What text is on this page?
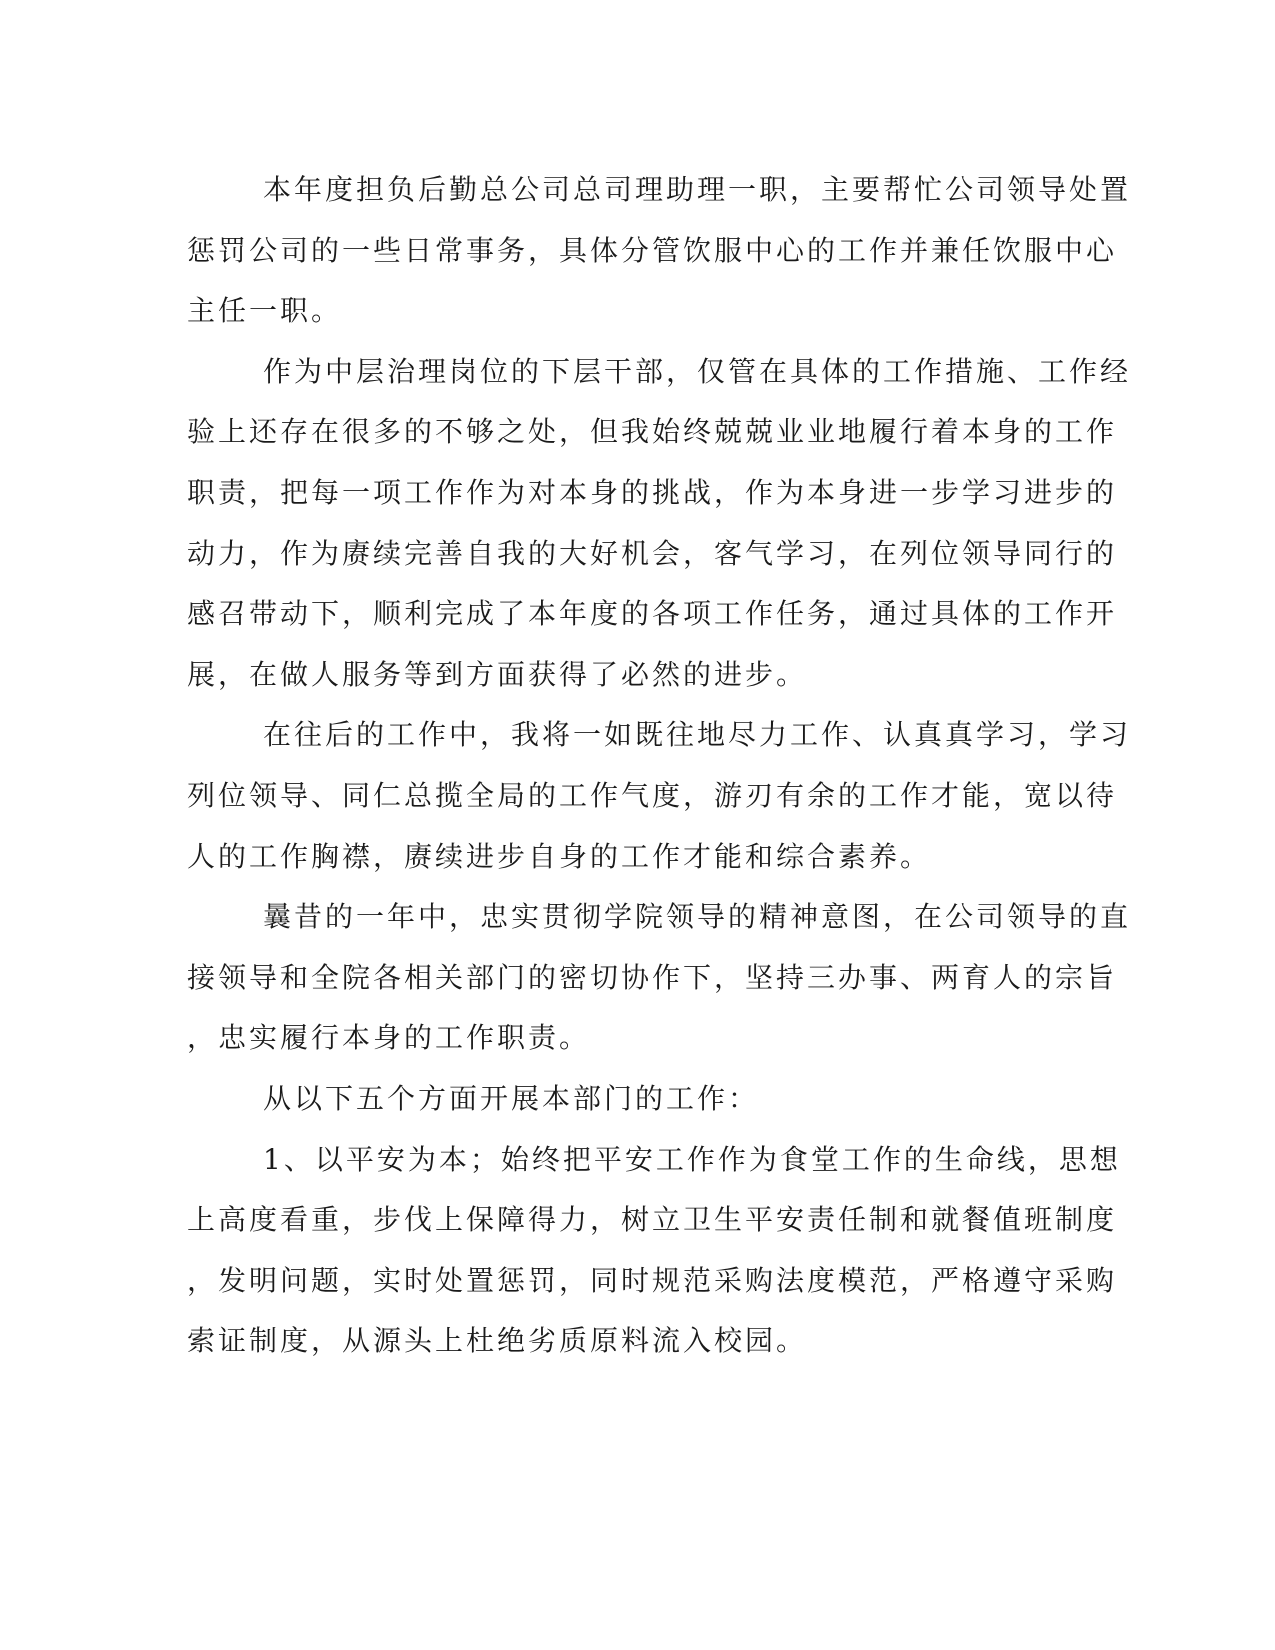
本年度担负后勤总公司总司理助理一职，主要帮忙公司领导处置
惩罚公司的一些日常事务，具体分管饮服中心的工作并兼任饮服中心
主任一职。
作为中层治理岗位的下层干部，仅管在具体的工作措施、工作经
验上还存在很多的不够之处，但我始终兢兢业业地履行着本身的工作
职责，把每一项工作作为对本身的挑战，作为本身进一步学习进步的
动力，作为赓续完善自我的大好机会，客气学习，在列位领导同行的
感召带动下，顺利完成了本年度的各项工作任务，通过具体的工作开
展，在做人服务等到方面获得了必然的进步。
在往后的工作中，我将一如既往地尽力工作、认真真学习，学习
列位领导、同仁总揽全局的工作气度，游刃有余的工作才能，宽以待
人的工作胸襟，赓续进步自身的工作才能和综合素养。
曩昔的一年中，忠实贯彻学院领导的精神意图，在公司领导的直
接领导和全院各相关部门的密切协作下，坚持三办事、两育人的宗旨
，忠实履行本身的工作职责。
从以下五个方面开展本部门的工作：
1、以平安为本；始终把平安工作作为食堂工作的生命线，思想
上高度看重，步伐上保障得力，树立卫生平安责任制和就餐值班制度
，发明问题，实时处置惩罚，同时规范采购法度模范，严格遵守采购
索证制度，从源头上杜绝劣质原料流入校园。
